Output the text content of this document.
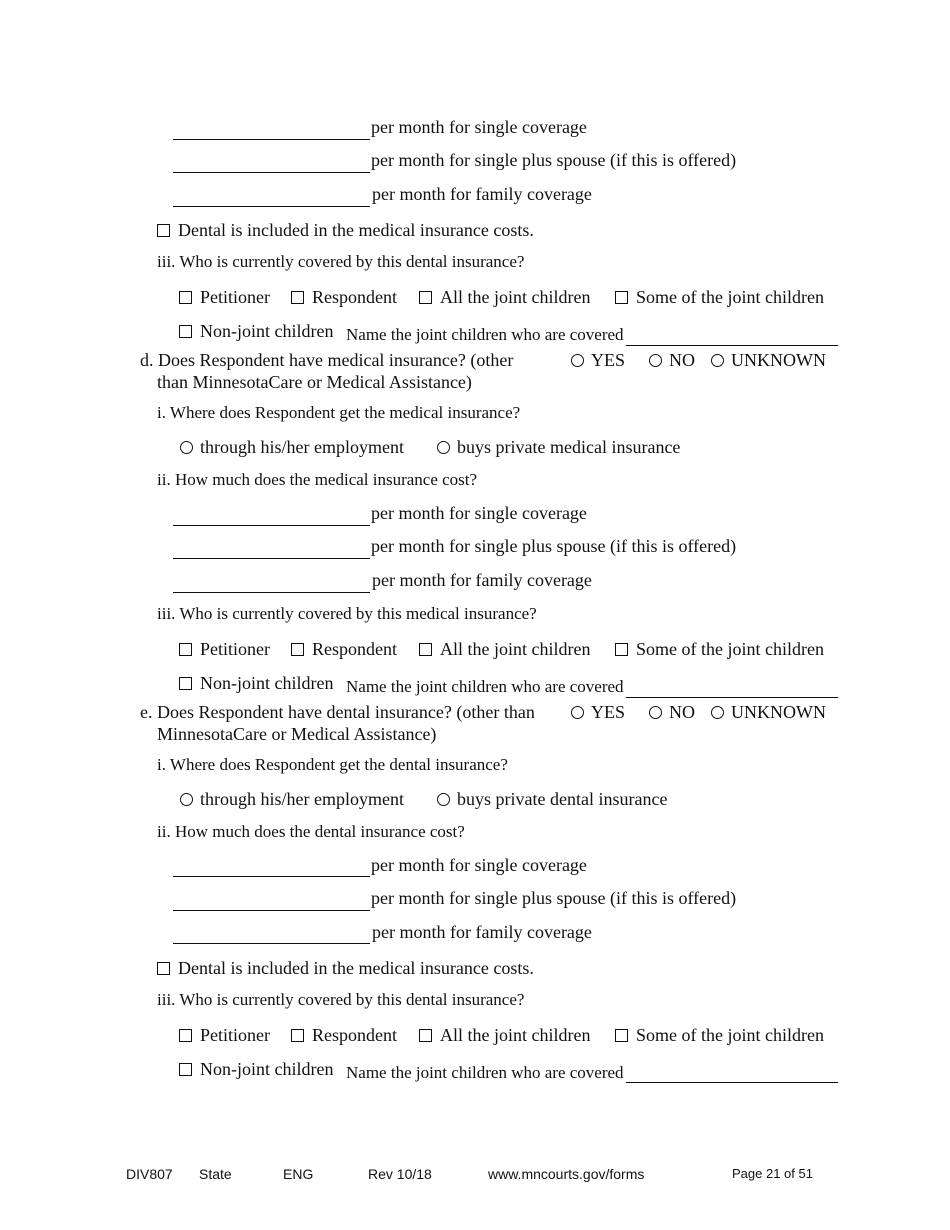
per month for single coverage
per month for single plus spouse (if this is offered)
per month for family coverage
Dental is included in the medical insurance costs.
iii. Who is currently covered by this dental insurance?
Petitioner	Respondent	All the joint children	Some of the joint children
Non-joint children Name the joint children who are covered
d. Does Respondent have medical insurance? (other
than MinnesotaCare or Medical Assistance)
YES	NO	UNKNOWN
i. Where does Respondent get the medical insurance?
through his/her employment	buys private medical insurance
ii. How much does the medical insurance cost?
per month for single coverage
per month for single plus spouse (if this is offered)
per month for family coverage
iii. Who is currently covered by this medical insurance?
Petitioner	Respondent	All the joint children	Some of the joint children
Non-joint children Name the joint children who are covered
e. Does Respondent have dental insurance? (other than
MinnesotaCare or Medical Assistance)
YES	NO	UNKNOWN
i. Where does Respondent get the dental insurance?
through his/her employment	buys private dental insurance
ii. How much does the dental insurance cost?
per month for single coverage
per month for single plus spouse (if this is offered)
per month for family coverage
Dental is included in the medical insurance costs.
iii. Who is currently covered by this dental insurance?
Petitioner	Respondent	All the joint children	Some of the joint children
Non-joint children Name the joint children who are covered
DIV807 State	ENG	Rev 10/18	www.mncourts.gov/forms	Page 21 of 51
